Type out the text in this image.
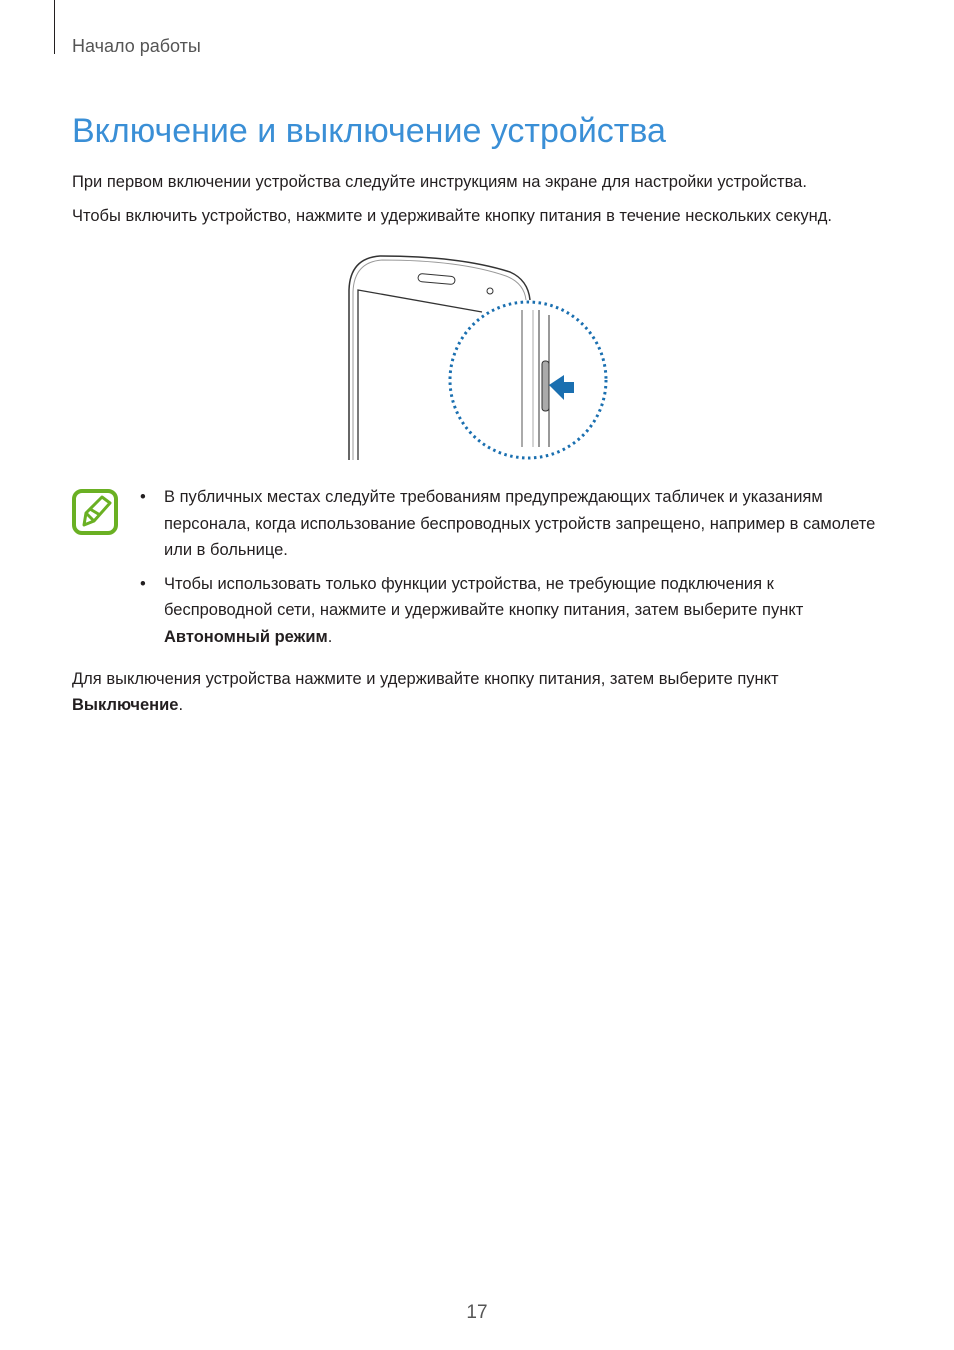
Начало работы
Включение и выключение устройства
При первом включении устройства следуйте инструкциям на экране для настройки устройства.
Чтобы включить устройство, нажмите и удерживайте кнопку питания в течение нескольких секунд.
• В публичных местах следуйте требованиям предупреждающих табличек и указаниям персонала, когда использование беспроводных устройств запрещено, например в самолете или в больнице.
• Чтобы использовать только функции устройства, не требующие подключения к беспроводной сети, нажмите и удерживайте кнопку питания, затем выберите пункт Автономный режим.
Для выключения устройства нажмите и удерживайте кнопку питания, затем выберите пункт Выключение.
17
